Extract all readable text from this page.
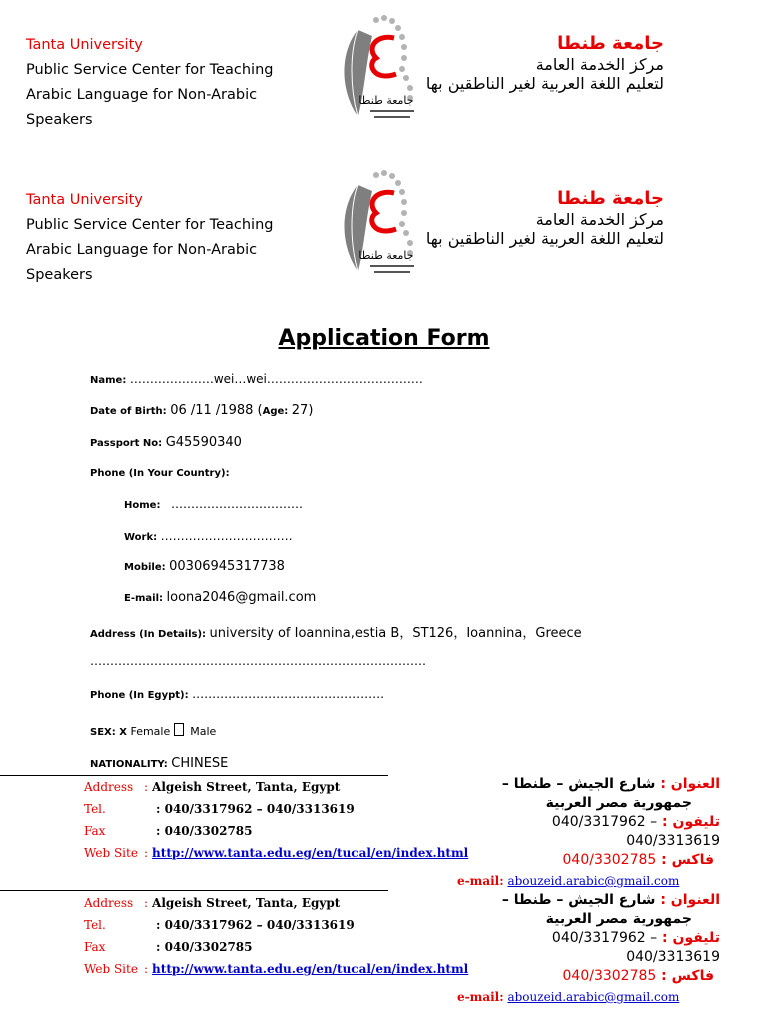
Tanta University
Public Service Center for Teaching
Arabic Language for Non-Arabic
Speakers
جامعة طنطا
جامعة طنطا
مركز الخدمة العامة
لتعليم اللغة العربية لغير الناطقين بها
Tanta University
Public Service Center for Teaching
Arabic Language for Non-Arabic
Speakers
جامعة طنطا
جامعة طنطا
مركز الخدمة العامة
لتعليم اللغة العربية لغير الناطقين بها
Application Form
Name: …………………wei…wei…………………………………
Date of Birth: 06 /11 /1988 (Age: 27)
Passport No: G45590340
Phone (In Your Country):
Home: ……………………………
Work: ……………………………
Mobile: 00306945317738
E-mail: loona2046@gmail.com
Address (In Details): university of Ioannina,estia B，ST126，Ioannina，Greece
…………………………………………………………………………
Phone (In Egypt): …………………………………………
SEX: X Female Male
NATIONALITY: CHINESE
Address : Algeish Street, Tanta, Egypt
Tel.	: 040/3317962 – 040/3313619
Fax	: 040/3302785
Web Site : http://www.tanta.edu.eg/en/tucal/en/index.html
العنوان : شارع الجيش – طنطا –
جمهورية مصر العربية
تليفون : 040/3317962 –
040/3313619
فاكس : 040/3302785
e-mail: abouzeid.arabic@gmail.com
Address : Algeish Street, Tanta, Egypt
Tel.	: 040/3317962 – 040/3313619
Fax	: 040/3302785
Web Site : http://www.tanta.edu.eg/en/tucal/en/index.html
العنوان : شارع الجيش – طنطا –
جمهورية مصر العربية
تليفون : 040/3317962 –
040/3313619
فاكس : 040/3302785
e-mail: abouzeid.arabic@gmail.com
